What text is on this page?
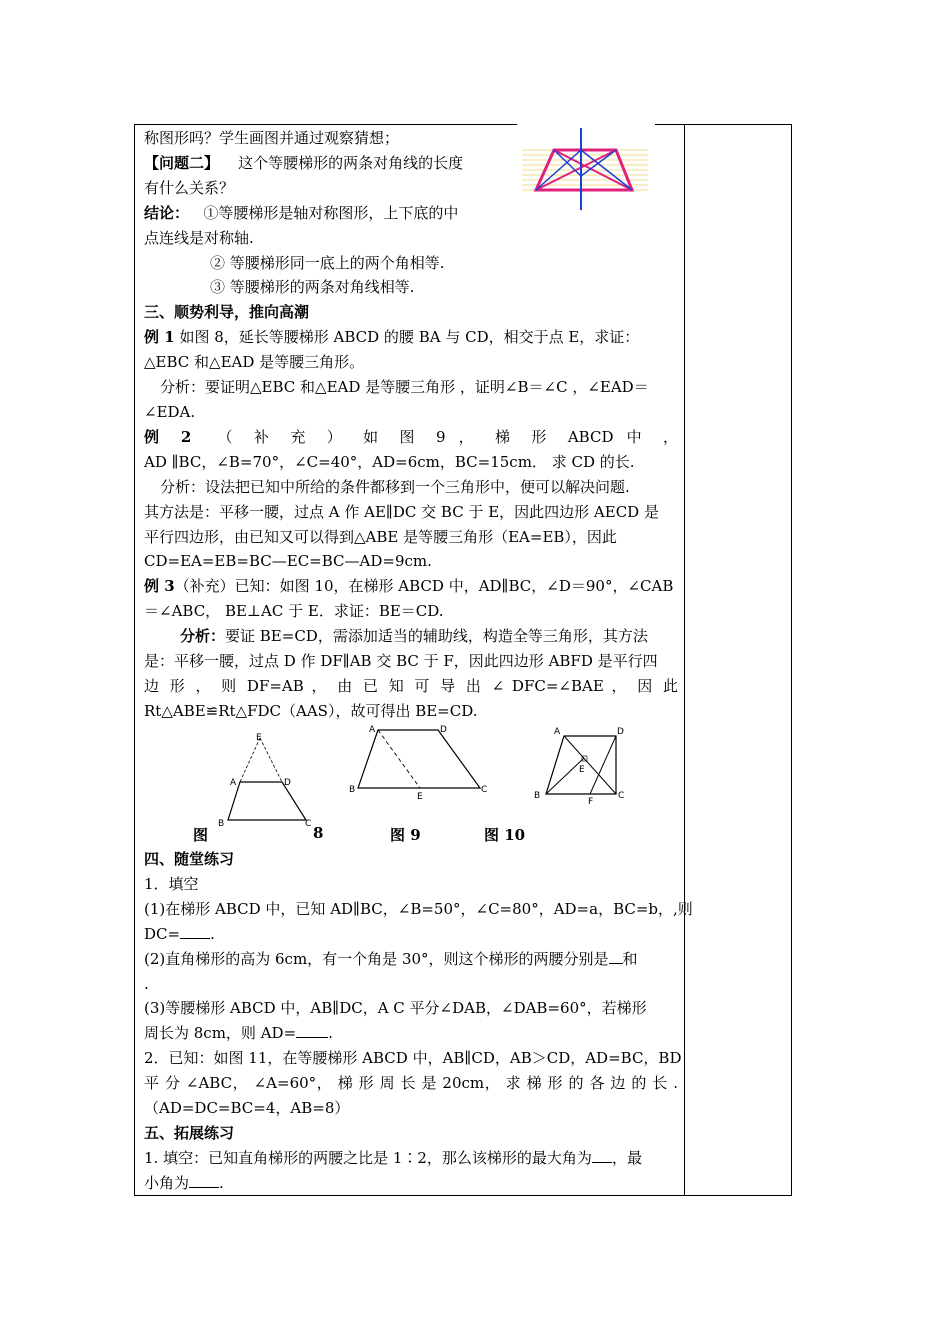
称图形吗？学生画图并通过观察猜想；

【问题二】 这个等腰梯形的两条对角线的长度

有什么关系？

结论： ①等腰梯形是轴对称图形，上下底的中

点连线是对称轴.

② 等腰梯形同一底上的两个角相等.

③ 等腰梯形的两条对角线相等.

三、顺势利导，推向高潮

例 1 如图 8，延长等腰梯形 ABCD 的腰 BA 与 CD，相交于点 E，求证：

△EBC 和△EAD 是等腰三角形。

分析：要证明△EBC 和△EAD 是等腰三角形 ，证明∠B＝∠C ，∠EAD＝

∠EDA.

例 2 （ 补 充 ） 如 图 9 ， 梯 形 ABCD 中 ，

AD ∥BC，∠B=70°，∠C=40°，AD=6cm，BC=15cm． 求 CD 的长.

分析：设法把已知中所给的条件都移到一个三角形中，便可以解决问题.

其方法是：平移一腰，过点 A 作 AE∥DC 交 BC 于 E，因此四边形 AECD 是

平行四边形，由已知又可以得到△ABE 是等腰三角形（EA=EB），因此

CD=EA=EB=BC—EC=BC—AD=9cm.

例 3（补充）已知：如图 10，在梯形 ABCD 中，AD∥BC，∠D＝90°，∠CAB

＝∠ABC， BE⊥AC 于 E．求证：BE＝CD.

分析：要证 BE=CD，需添加适当的辅助线，构造全等三角形，其方法

是：平移一腰，过点 D 作 DF∥AB 交 BC 于 F，因此四边形 ABFD 是平行四

边 形 ， 则 DF=AB ， 由 已 知 可 导 出 ∠ DFC=∠BAE ， 因 此

Rt△ABE≌Rt△FDC（AAS），故可得出 BE=CD.

E
A	D
B	C
A	D
B
E
C
A	D
E
B
F
C
图	8	图 9	图 10

四、随堂练习

1．填空

(1)在梯形 ABCD 中，已知 AD∥BC，∠B=50°，∠C=80°，AD=a，BC=b，,则

DC= .

(2)直角梯形的高为 6cm，有一个角是 30°，则这个梯形的两腰分别是 和

.

(3)等腰梯形 ABCD 中，AB∥DC，A C 平分∠DAB，∠DAB=60°，若梯形

周长为 8cm，则 AD= .

2．已知：如图 11，在等腰梯形 ABCD 中，AB∥CD，AB＞CD，AD=BC，BD

平 分 ∠ABC， ∠A=60°， 梯 形 周 长 是 20cm， 求 梯 形 的 各 边 的 长 .

（AD=DC=BC=4，AB=8）

五、拓展练习

1. 填空：已知直角梯形的两腰之比是 1∶2，那么该梯形的最大角为 ，最

小角为 .
